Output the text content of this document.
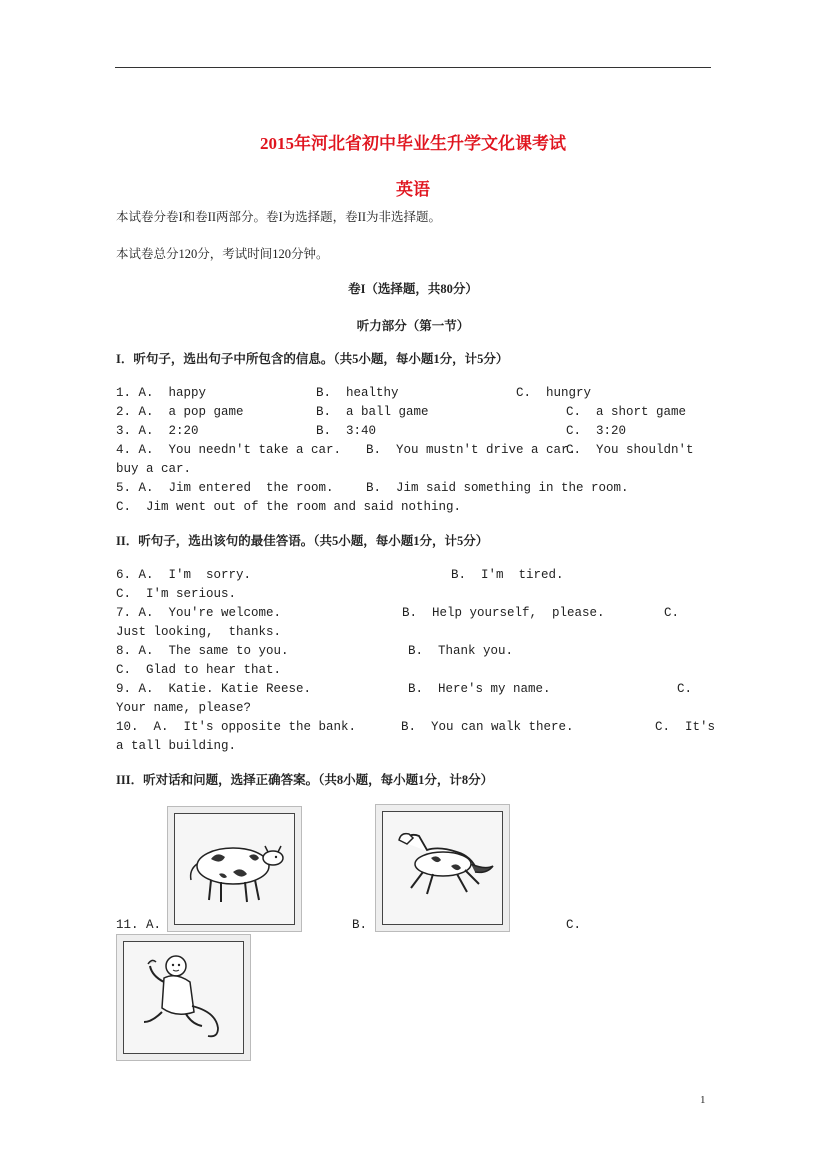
2015年河北省初中毕业生升学文化课考试
英语
本试卷分卷I和卷II两部分。卷I为选择题，卷II为非选择题。
本试卷总分120分，考试时间120分钟。
卷I（选择题，共80分）
听力部分（第一节）
I．听句子，选出句子中所包含的信息。（共5小题，每小题1分，计5分）
1. A.  happy	B.  healthy	C.  hungry
2. A.  a pop game	B.  a ball game	C.  a short game
3. A.  2:20	B.  3:40	C.  3:20
4. A.  You needn't take a car. B.  You mustn't drive a car.
C.  You shouldn't
buy a car.
5. A.  Jim entered  the room.	B.  Jim said something in the room.
C.  Jim went out of the room and said nothing.
II．听句子，选出该句的最佳答语。（共5小题，每小题1分，计5分）
6. A.  I'm  sorry.	B.  I'm  tired.
C.  I'm serious.
7. A.  You're welcome.	B.  Help yourself,  please.	C.
Just looking,  thanks.
8. A.  The same to you.	B.  Thank you.
C.  Glad to hear that.
9. A.  Katie. Katie Reese.	B.  Here's my name.	C.
Your name, please?
10.  A.  It's opposite the bank.	B.  You can walk there.	C.  It's
a tall building.
III．听对话和问题，选择正确答案。（共8小题，每小题1分，计8分）
11. A.	B.	C.
1
